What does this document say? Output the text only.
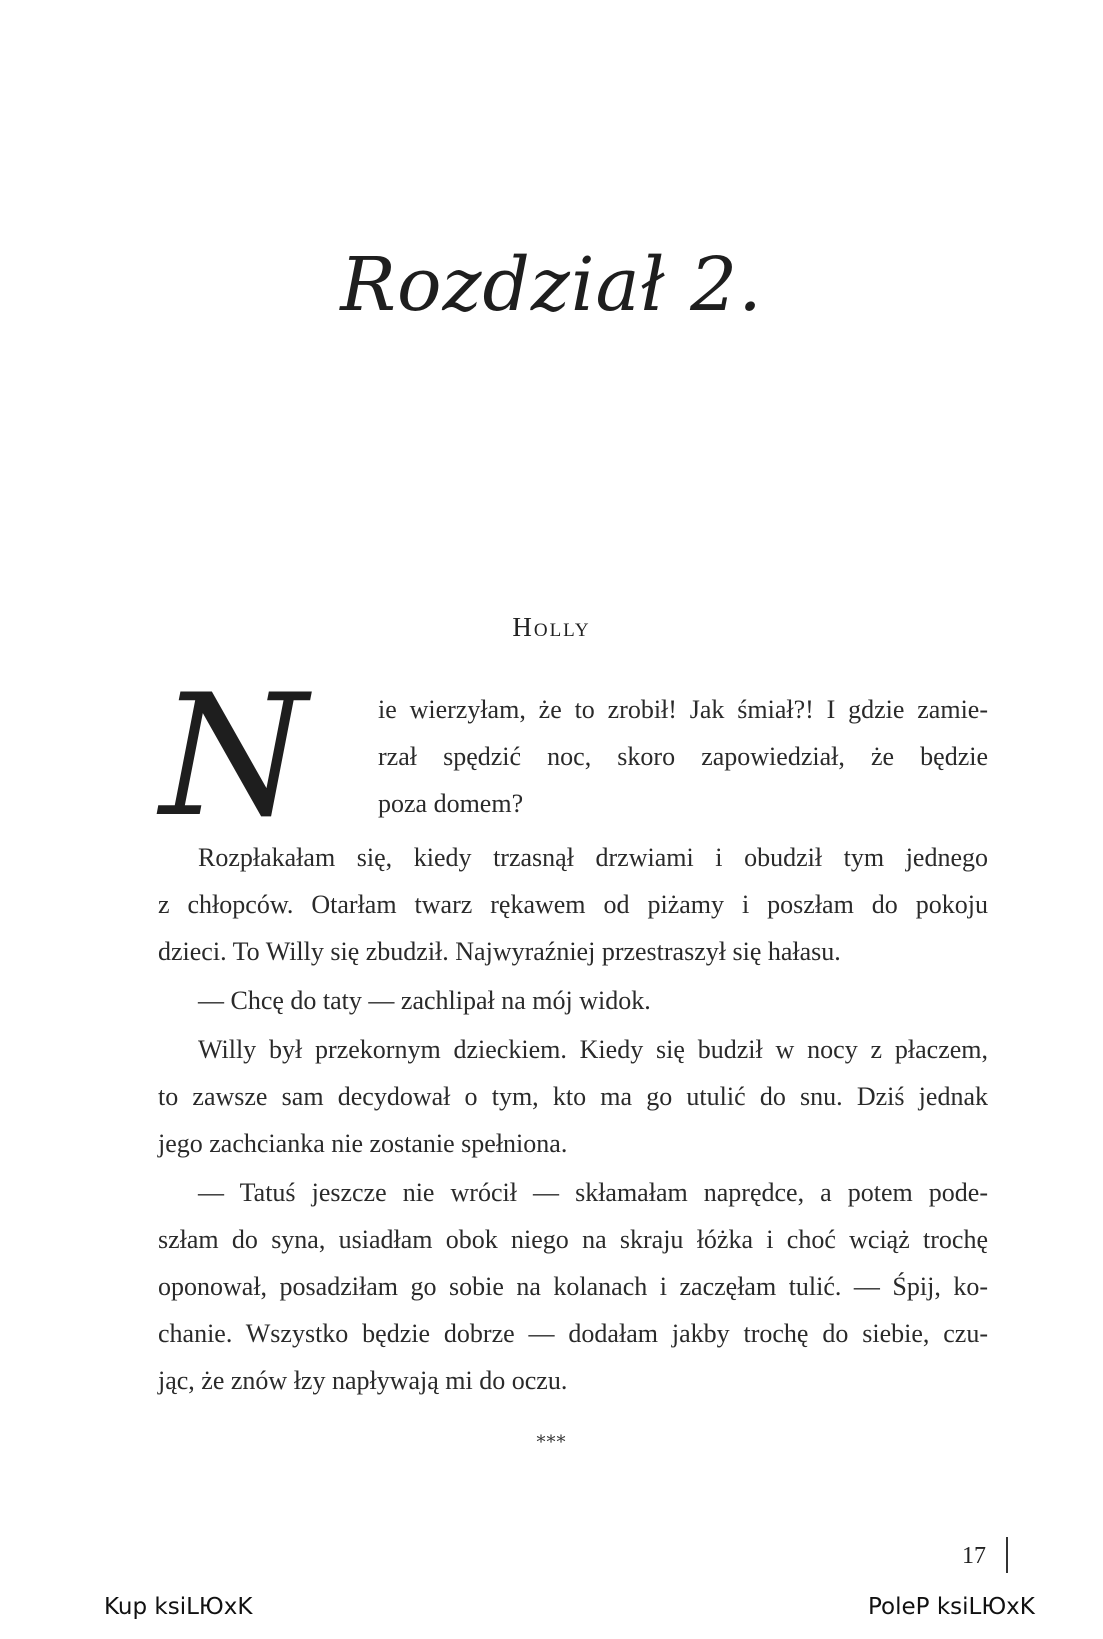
Rozdział 2.
Holly
N	ie wierzyłam, że to zrobił! Jak śmiał?! I gdzie zamie-
rzał spędzić noc, skoro zapowiedział, że będzie
poza domem?
Rozpłakałam się, kiedy trzasnął drzwiami i obudził tym jednego
z chłopców. Otarłam twarz rękawem od piżamy i poszłam do pokoju
dzieci. To Willy się zbudził. Najwyraźniej przestraszył się hałasu.
— Chcę do taty — zachlipał na mój widok.
Willy był przekornym dzieckiem. Kiedy się budził w nocy z płaczem,
to zawsze sam decydował o tym, kto ma go utulić do snu. Dziś jednak
jego zachcianka nie zostanie spełniona.
— Tatuś jeszcze nie wrócił — skłamałam naprędce, a potem pode-
szłam do syna, usiadłam obok niego na skraju łóżka i choć wciąż trochę
oponował, posadziłam go sobie na kolanach i zaczęłam tulić. — Śpij, ko-
chanie. Wszystko będzie dobrze — dodałam jakby trochę do siebie, czu-
jąc, że znów łzy napływają mi do oczu.
***
17
Kup ksiLЮxK	PoleP ksiLЮxK
